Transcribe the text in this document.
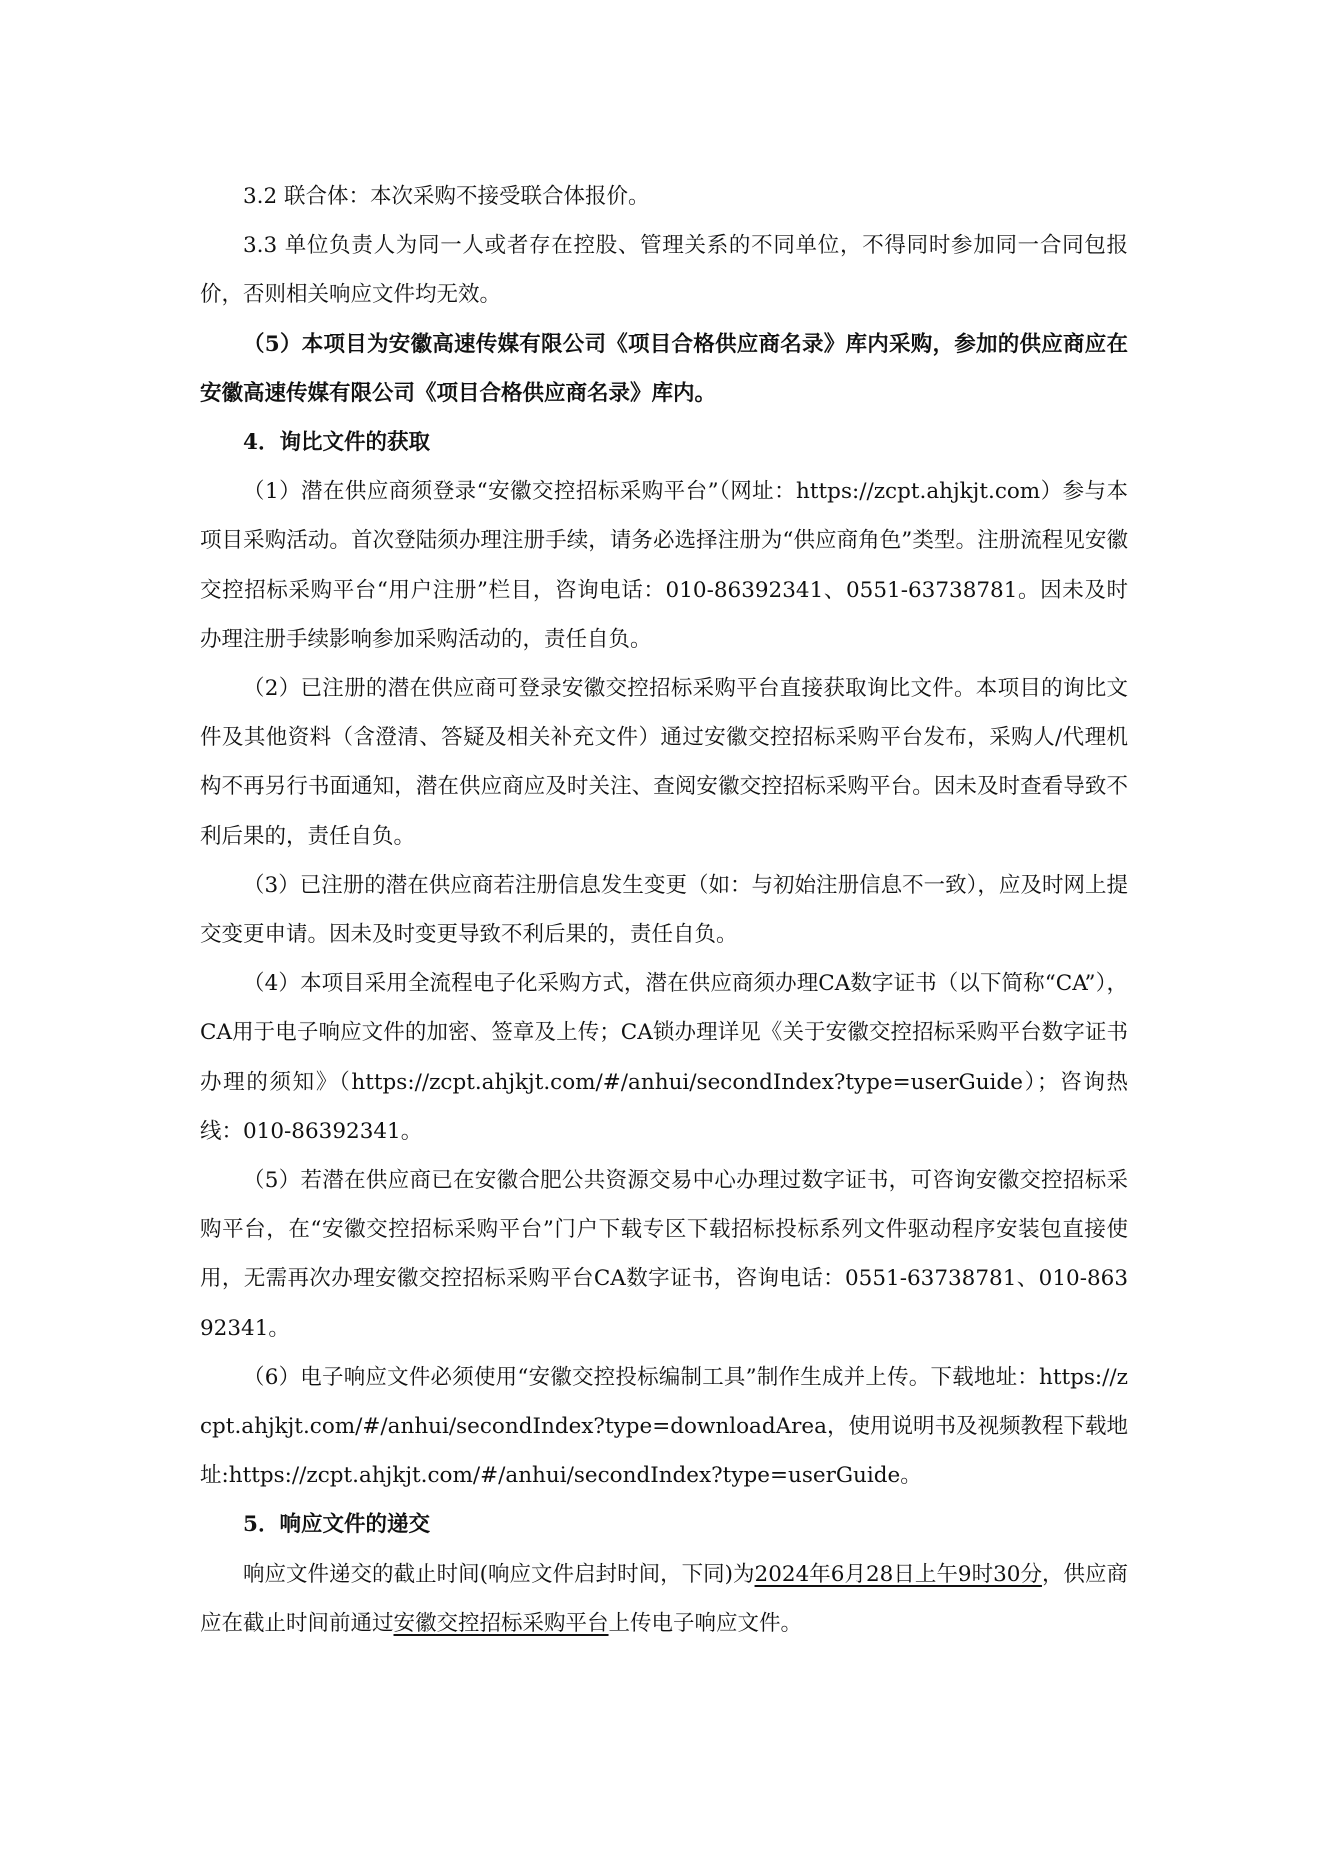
3.2 联合体：本次采购不接受联合体报价。

3.3 单位负责人为同一人或者存在控股、管理关系的不同单位，不得同时参加同一合同包报价，否则相关响应文件均无效。

（5）本项目为安徽高速传媒有限公司《项目合格供应商名录》库内采购，参加的供应商应在安徽高速传媒有限公司《项目合格供应商名录》库内。

4．询比文件的获取

（1）潜在供应商须登录“安徽交控招标采购平台”（网址：https://zcpt.ahjkjt.com）参与本项目采购活动。首次登陆须办理注册手续，请务必选择注册为“供应商角色”类型。注册流程见安徽交控招标采购平台“用户注册”栏目，咨询电话：010-86392341、0551-63738781。因未及时办理注册手续影响参加采购活动的，责任自负。

（2）已注册的潜在供应商可登录安徽交控招标采购平台直接获取询比文件。本项目的询比文件及其他资料（含澄清、答疑及相关补充文件）通过安徽交控招标采购平台发布，采购人/代理机构不再另行书面通知，潜在供应商应及时关注、查阅安徽交控招标采购平台。因未及时查看导致不利后果的，责任自负。

（3）已注册的潜在供应商若注册信息发生变更（如：与初始注册信息不一致），应及时网上提交变更申请。因未及时变更导致不利后果的，责任自负。

（4）本项目采用全流程电子化采购方式，潜在供应商须办理CA数字证书（以下简称“CA”），CA用于电子响应文件的加密、签章及上传；CA锁办理详见《关于安徽交控招标采购平台数字证书办理的须知》（https://zcpt.ahjkjt.com/#/anhui/secondIndex?type=userGuide）；咨询热线：010-86392341。

（5）若潜在供应商已在安徽合肥公共资源交易中心办理过数字证书，可咨询安徽交控招标采购平台，在“安徽交控招标采购平台”门户下载专区下载招标投标系列文件驱动程序安装包直接使用，无需再次办理安徽交控招标采购平台CA数字证书，咨询电话：0551-63738781、010-86392341。

（6）电子响应文件必须使用“安徽交控投标编制工具”制作生成并上传。下载地址：https://zcpt.ahjkjt.com/#/anhui/secondIndex?type=downloadArea，使用说明书及视频教程下载地址:https://zcpt.ahjkjt.com/#/anhui/secondIndex?type=userGuide。

5．响应文件的递交

响应文件递交的截止时间(响应文件启封时间，下同)为2024年6月28日上午9时30分，供应商应在截止时间前通过安徽交控招标采购平台上传电子响应文件。
